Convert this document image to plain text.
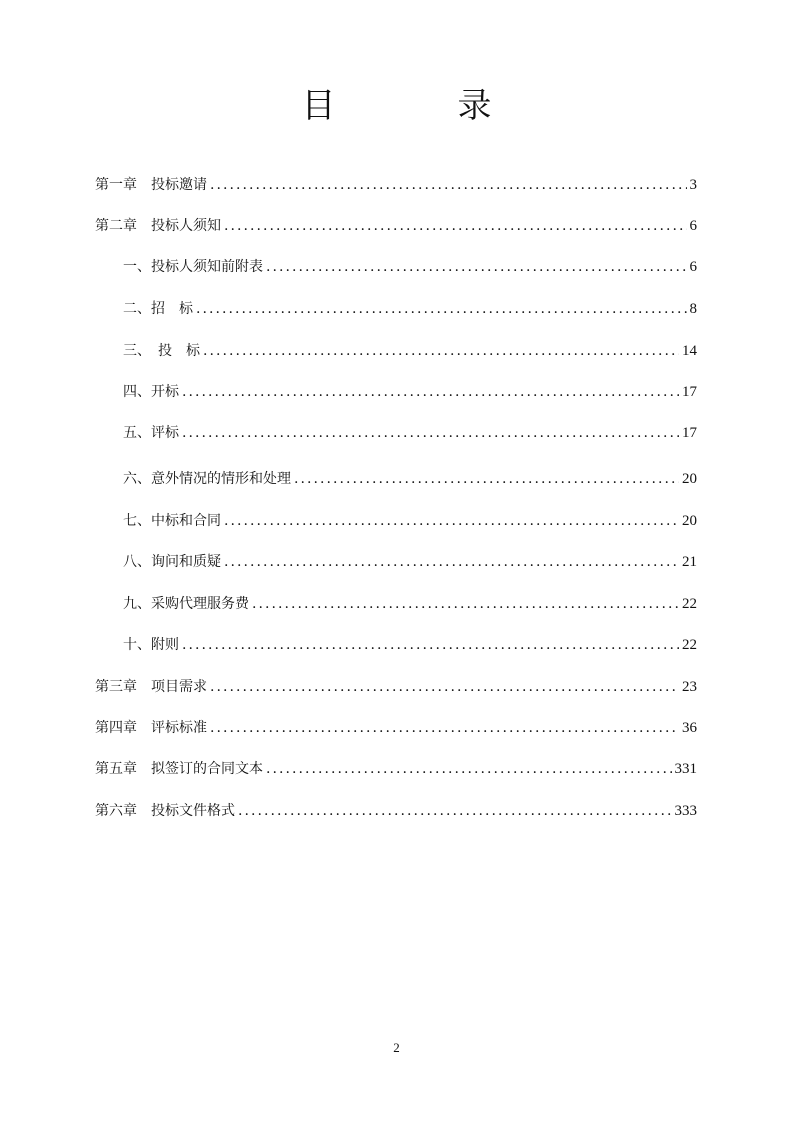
目　录
第一章　投标邀请 . . .	3
第二章　投标人须知 . . .	6
一、投标人须知前附表 . . .	6
二、招　标 . . .	8
三、　投　标 . . .	14
四、开标 . . .	17
五、评标 . . .	17
六、意外情况的情形和处理 . . .	20
七、中标和合同 . . .	20
八、询问和质疑 . . .	21
九、采购代理服务费 . . .	22
十、附则 . . .	22
第三章　项目需求 . . .	23
第四章　评标标准 . . .	36
第五章　拟签订的合同文本 . . .	331
第六章　投标文件格式 . . .	333
2
